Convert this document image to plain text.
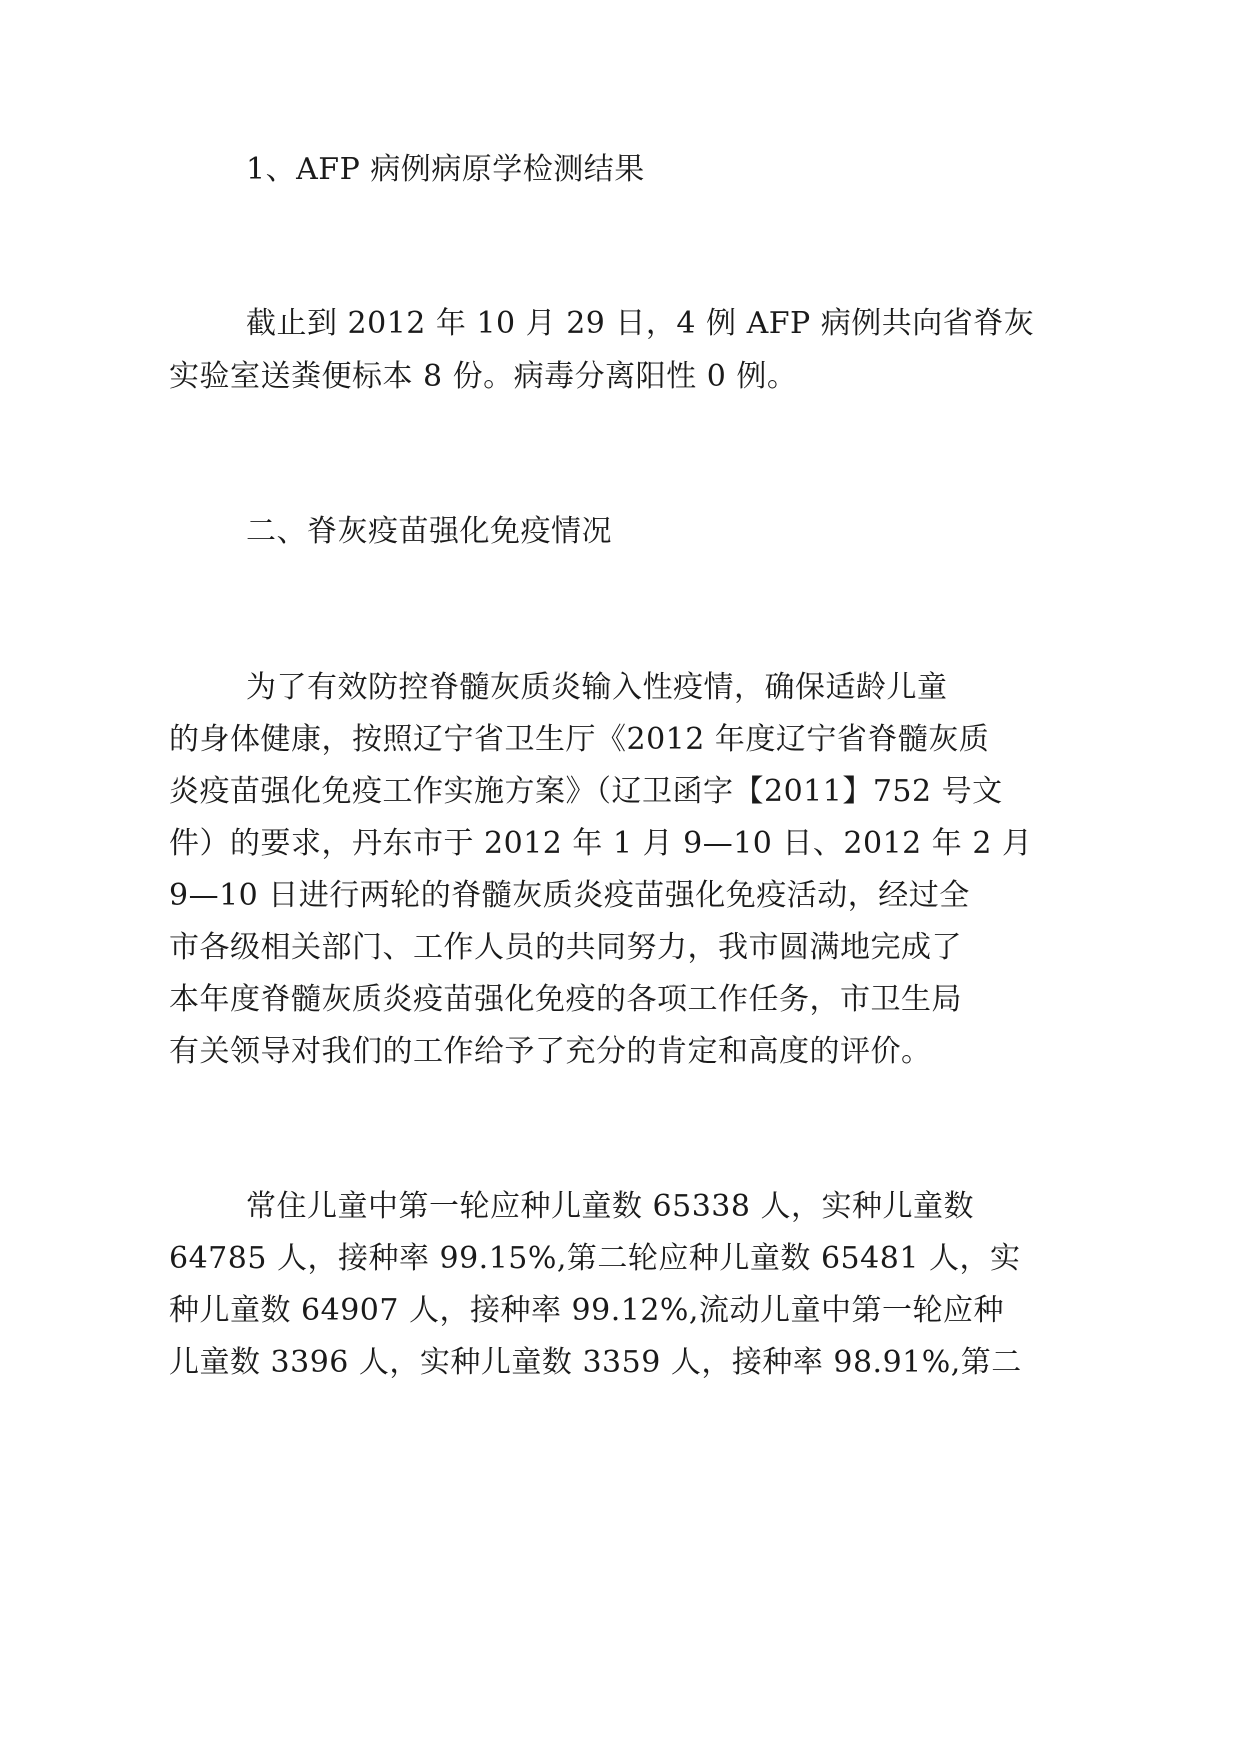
1、AFP 病例病原学检测结果
截止到 2012 年 10 月 29 日，4 例 AFP 病例共向省脊灰
实验室送粪便标本 8 份。病毒分离阳性 0 例。
二、脊灰疫苗强化免疫情况
为了有效防控脊髓灰质炎输入性疫情，确保适龄儿童
的身体健康，按照辽宁省卫生厅《2012 年度辽宁省脊髓灰质
炎疫苗强化免疫工作实施方案》（辽卫函字【2011】752 号文
件）的要求，丹东市于 2012 年 1 月 9—10 日、2012 年 2 月
9—10 日进行两轮的脊髓灰质炎疫苗强化免疫活动，经过全
市各级相关部门、工作人员的共同努力，我市圆满地完成了
本年度脊髓灰质炎疫苗强化免疫的各项工作任务，市卫生局
有关领导对我们的工作给予了充分的肯定和高度的评价。
常住儿童中第一轮应种儿童数 65338 人，实种儿童数
64785 人，接种率 99.15%,第二轮应种儿童数 65481 人，实
种儿童数 64907 人，接种率 99.12%,流动儿童中第一轮应种
儿童数 3396 人，实种儿童数 3359 人，接种率 98.91%,第二
